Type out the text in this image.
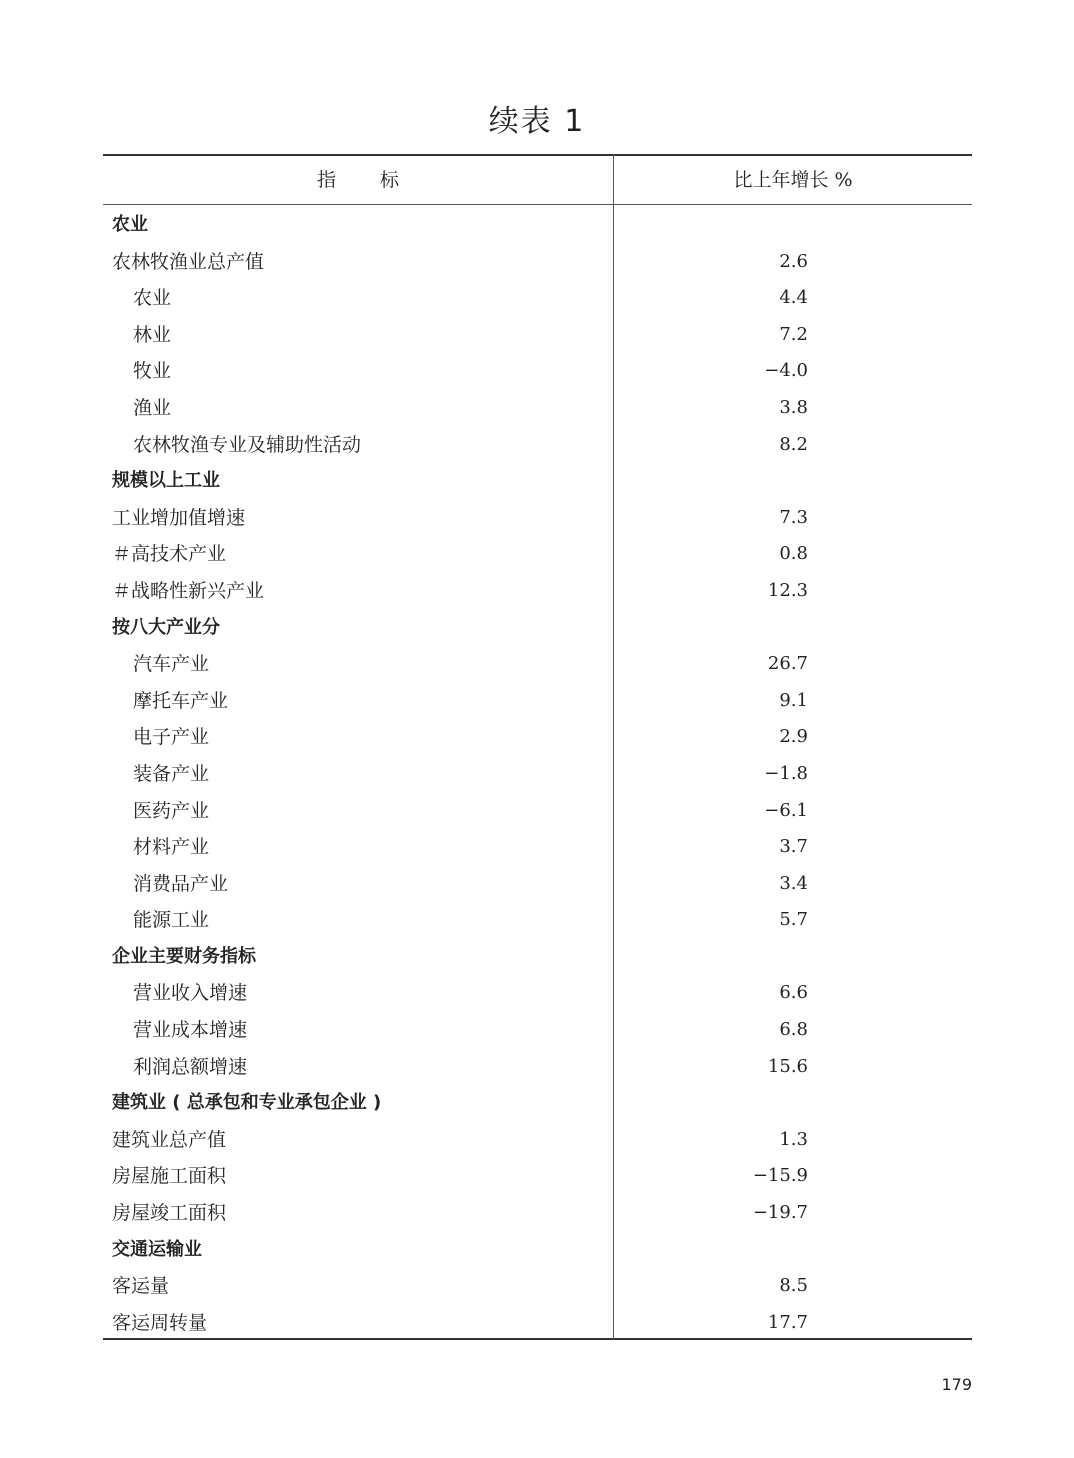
续表 1
指 标	比上年增长 %
农业
农林牧渔业总产值	2.6
农业	4.4
林业	7.2
牧业	−4.0
渔业	3.8
农林牧渔专业及辅助性活动	8.2
规模以上工业
工业增加值增速	7.3
＃高技术产业	0.8
＃战略性新兴产业	12.3
按八大产业分
汽车产业	26.7
摩托车产业	9.1
电子产业	2.9
装备产业	−1.8
医药产业	−6.1
材料产业	3.7
消费品产业	3.4
能源工业	5.7
企业主要财务指标
营业收入增速	6.6
营业成本增速	6.8
利润总额增速	15.6
建筑业 ( 总承包和专业承包企业 )
建筑业总产值	1.3
房屋施工面积	−15.9
房屋竣工面积	−19.7
交通运输业
客运量	8.5
客运周转量	17.7
179
